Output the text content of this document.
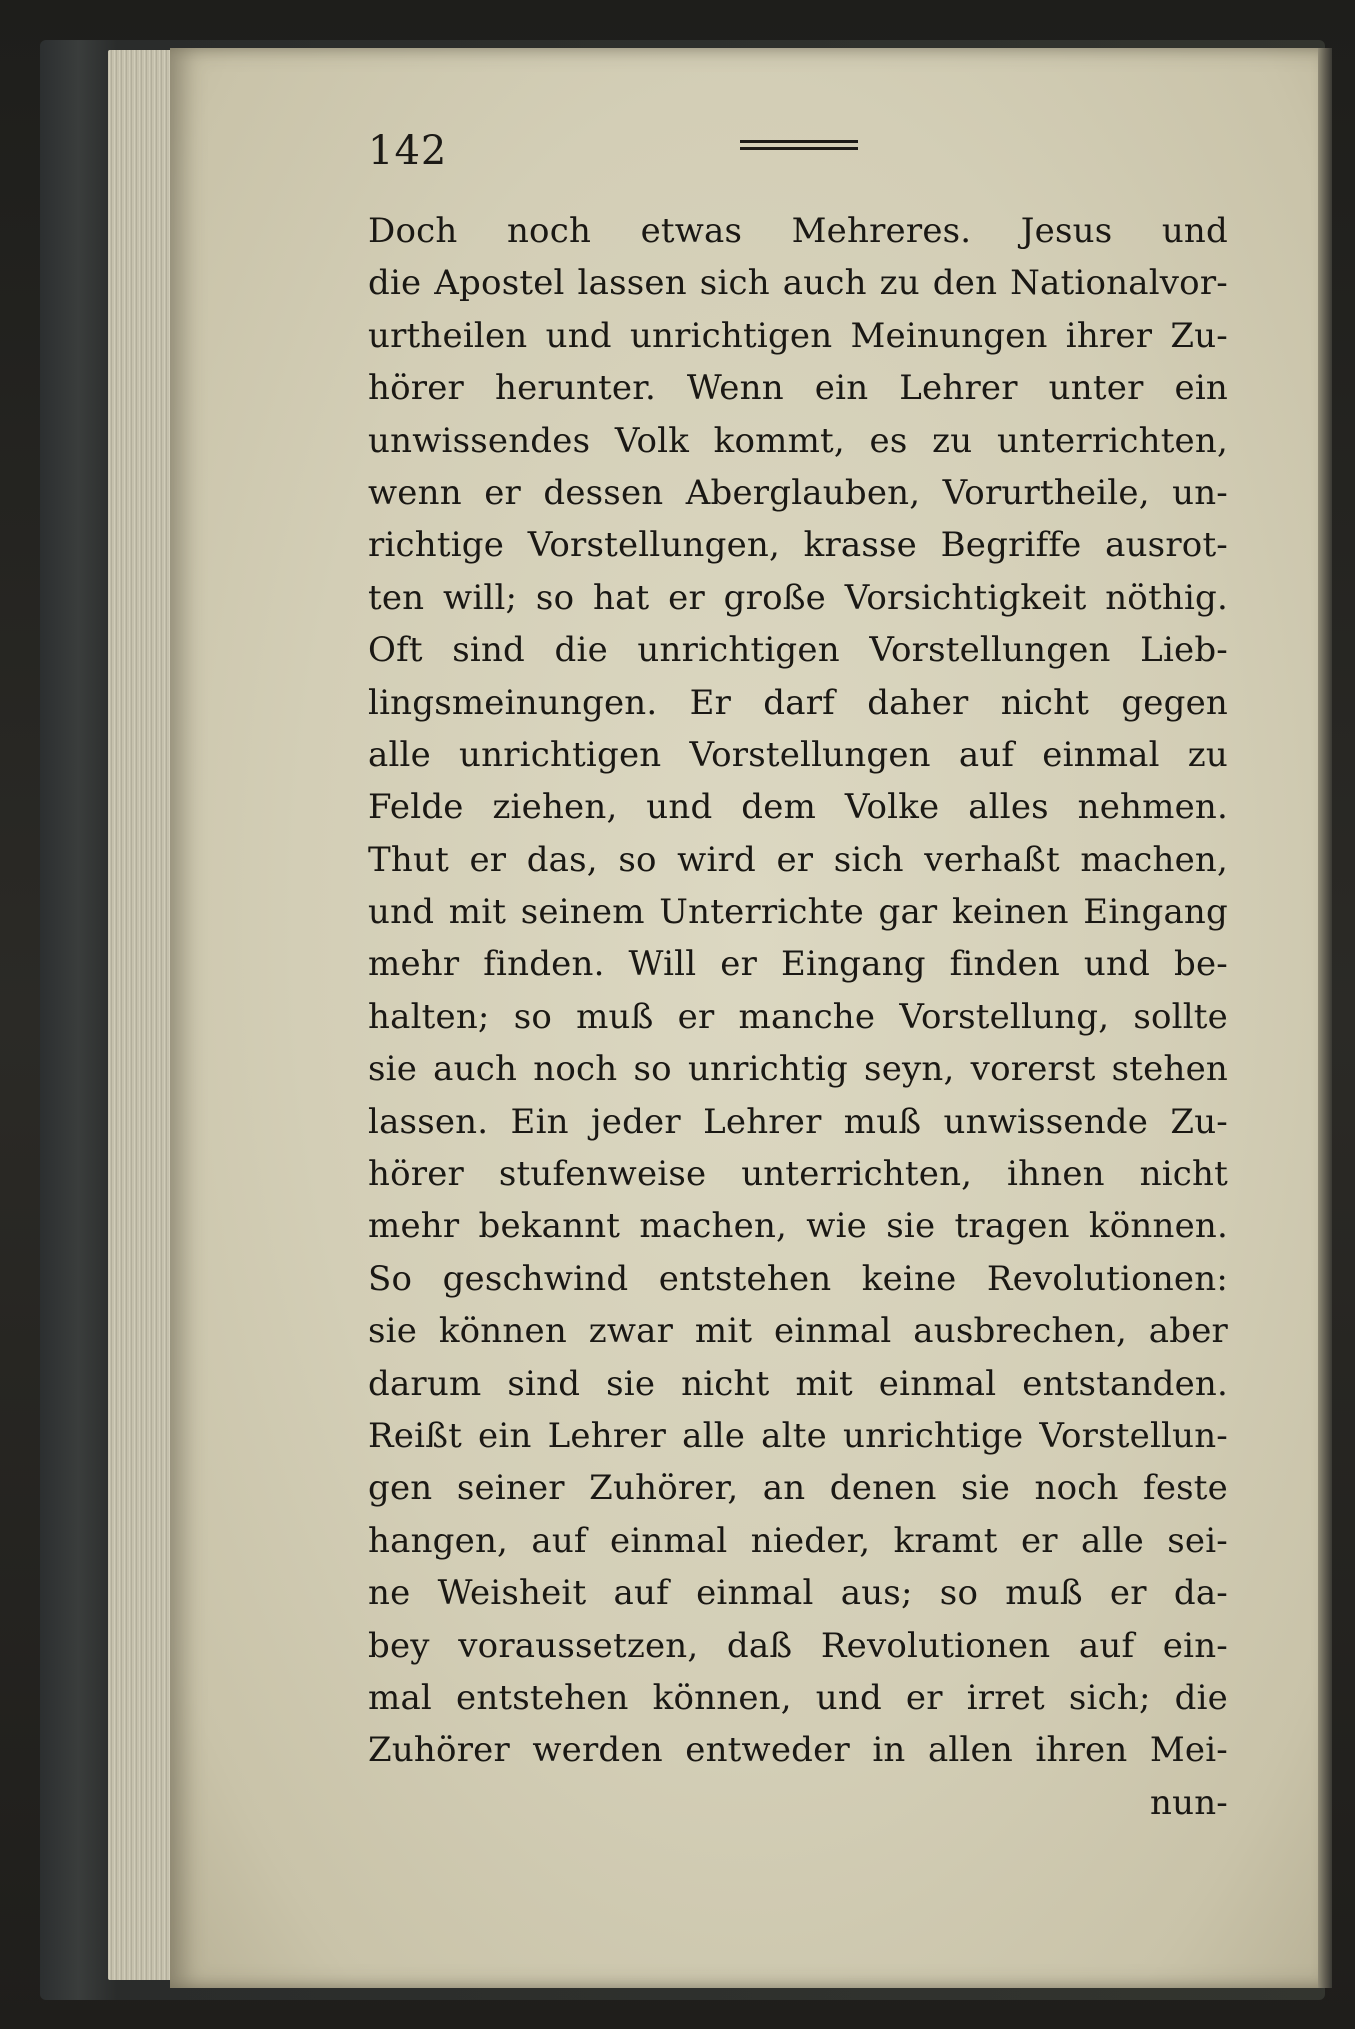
142
Doch noch etwas Mehreres. Jesus und
die Apostel lassen sich auch zu den Nationalvor-
urtheilen und unrichtigen Meinungen ihrer Zu-
hörer herunter. Wenn ein Lehrer unter ein
unwissendes Volk kommt, es zu unterrichten,
wenn er dessen Aberglauben, Vorurtheile, un-
richtige Vorstellungen, krasse Begriffe ausrot-
ten will; so hat er große Vorsichtigkeit nöthig.
Oft sind die unrichtigen Vorstellungen Lieb-
lingsmeinungen. Er darf daher nicht gegen
alle unrichtigen Vorstellungen auf einmal zu
Felde ziehen, und dem Volke alles nehmen.
Thut er das, so wird er sich verhaßt machen,
und mit seinem Unterrichte gar keinen Eingang
mehr finden. Will er Eingang finden und be-
halten; so muß er manche Vorstellung, sollte
sie auch noch so unrichtig seyn, vorerst stehen
lassen. Ein jeder Lehrer muß unwissende Zu-
hörer stufenweise unterrichten, ihnen nicht
mehr bekannt machen, wie sie tragen können.
So geschwind entstehen keine Revolutionen:
sie können zwar mit einmal ausbrechen, aber
darum sind sie nicht mit einmal entstanden.
Reißt ein Lehrer alle alte unrichtige Vorstellun-
gen seiner Zuhörer, an denen sie noch feste
hangen, auf einmal nieder, kramt er alle sei-
ne Weisheit auf einmal aus; so muß er da-
bey voraussetzen, daß Revolutionen auf ein-
mal entstehen können, und er irret sich; die
Zuhörer werden entweder in allen ihren Mei-
nun-
